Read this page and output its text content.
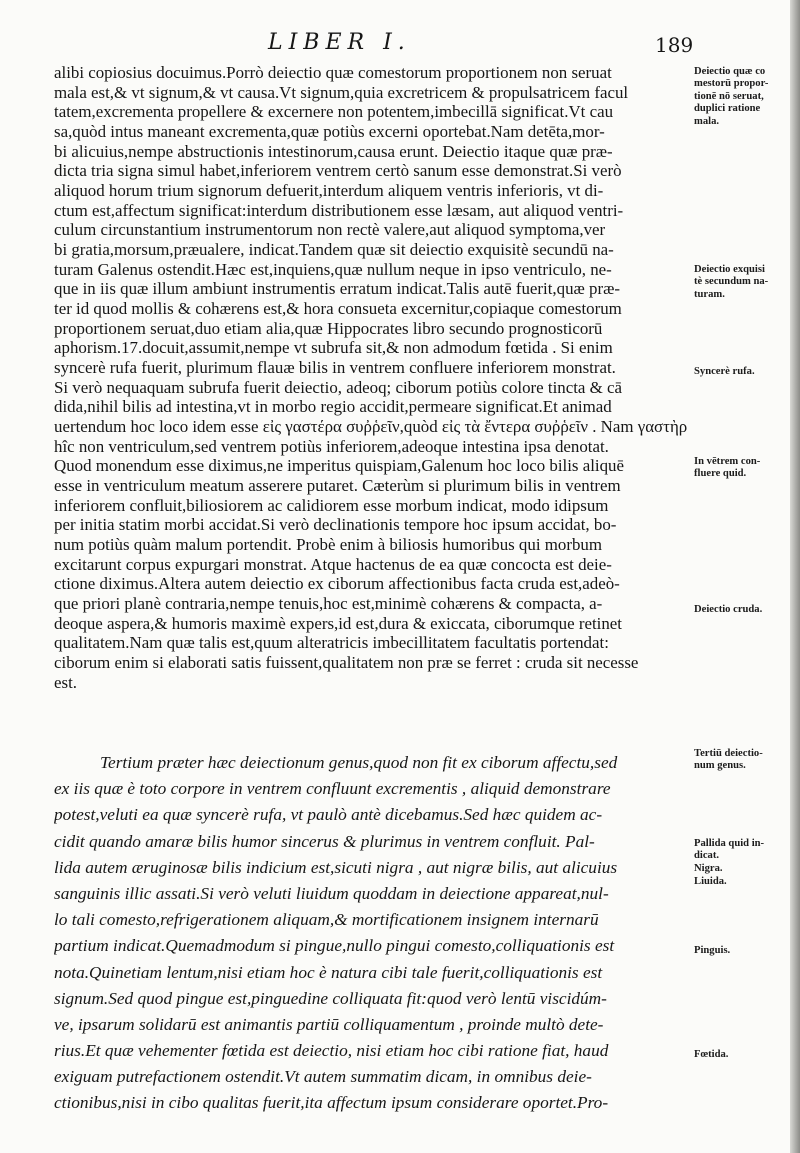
LIBER I.	189
alibi copiosius docuimus.Porrò deiectio quæ comestorum proportionem non seruat
mala est,& vt signum,& vt causa.Vt signum,quia excretricem & propulsatricem facul
tatem,excrementa propellere & excernere non potentem,imbecillā significat.Vt cau
sa,quòd intus maneant excrementa,quæ potiùs excerni oportebat.Nam detēta,mor-
bi alicuius,nempe abstructionis intestinorum,causa erunt. Deiectio itaque quæ præ-
dicta tria signa simul habet,inferiorem ventrem certò sanum esse demonstrat.Si verò
aliquod horum trium signorum defuerit,interdum aliquem ventris inferioris, vt di-
ctum est,affectum significat:interdum distributionem esse læsam, aut aliquod ventri-
culum circunstantium instrumentorum non rectè valere,aut aliquod symptoma,ver
bi gratia,morsum,præualere, indicat.Tandem quæ sit deiectio exquisitè secundū na-
turam Galenus ostendit.Hæc est,inquiens,quæ nullum neque in ipso ventriculo, ne-
que in iis quæ illum ambiunt instrumentis erratum indicat.Talis autē fuerit,quæ præ-
ter id quod mollis & cohærens est,& hora consueta excernitur,copiaque comestorum
proportionem seruat,duo etiam alia,quæ Hippocrates libro secundo prognosticorū
aphorism.17.docuit,assumit,nempe vt subrufa sit,& non admodum fœtida . Si enim
syncerè rufa fuerit, plurimum flauæ bilis in ventrem confluere inferiorem monstrat.
Si verò nequaquam subrufa fuerit deiectio, adeoq; ciborum potiùs colore tincta & cā
dida,nihil bilis ad intestina,vt in morbo regio accidit,permeare significat.Et animad
uertendum hoc loco idem esse εἰς γαστέρα συῤῥεῖν,quòd εἰς τὰ ἔντερα συῤῥεῖν . Nam γαστὴρ
hîc non ventriculum,sed ventrem potiùs inferiorem,adeoque intestina ipsa denotat.
Quod monendum esse diximus,ne imperitus quispiam,Galenum hoc loco bilis aliquē
esse in ventriculum meatum asserere putaret. Cæterùm si plurimum bilis in ventrem
inferiorem confluit,biliosiorem ac calidiorem esse morbum indicat, modo idipsum
per initia statim morbi accidat.Si verò declinationis tempore hoc ipsum accidat, bo-
num potiùs quàm malum portendit. Probè enim à biliosis humoribus qui morbum
excitarunt corpus expurgari monstrat. Atque hactenus de ea quæ concocta est deie-
ctione diximus.Altera autem deiectio ex ciborum affectionibus facta cruda est,adeò-
que priori planè contraria,nempe tenuis,hoc est,minimè cohærens & compacta, a-
deoque aspera,& humoris maximè expers,id est,dura & exiccata, ciborumque retinet
qualitatem.Nam quæ talis est,quum alteratricis imbecillitatem facultatis portendat:
ciborum enim si elaborati satis fuissent,qualitatem non præ se ferret : cruda sit necesse
est.
Tertium præter hæc deiectionum genus,quod non fit ex ciborum affectu,sed
ex iis quæ è toto corpore in ventrem confluunt excrementis , aliquid demonstrare
potest,veluti ea quæ syncerè rufa, vt paulò antè dicebamus.Sed hæc quidem ac-
cidit quando amaræ bilis humor sincerus & plurimus in ventrem confluit. Pal-
lida autem æruginosæ bilis indicium est,sicuti nigra , aut nigræ bilis, aut alicuius
sanguinis illic assati.Si verò veluti liuidum quoddam in deiectione appareat,nul-
lo tali comesto,refrigerationem aliquam,& mortificationem insignem internarū
partium indicat.Quemadmodum si pingue,nullo pingui comesto,colliquationis est
nota.Quinetiam lentum,nisi etiam hoc è natura cibi tale fuerit,colliquationis est
signum.Sed quod pingue est,pinguedine colliquata fit:quod verò lentū viscidúm-
ve, ipsarum solidarū est animantis partiū colliquamentum , proinde multò dete-
rius.Et quæ vehementer fœtida est deiectio, nisi etiam hoc cibi ratione fiat, haud
exiguam putrefactionem ostendit.Vt autem summatim dicam, in omnibus deie-
ctionibus,nisi in cibo qualitas fuerit,ita affectum ipsum considerare oportet.Pro-
Deiectio quæ co
mestorū propor-
tionē nō seruat,
duplici ratione
mala.
Deiectio exquisi
tè secundum na-
turam.
Syncerè rufa.
In vētrem con-
fluere quid.
Deiectio cruda.
Tertiū deiectio-
num genus.
Pallida quid in-
dicat.
Nigra.
Liuida.
Pinguis.
Fœtida.
